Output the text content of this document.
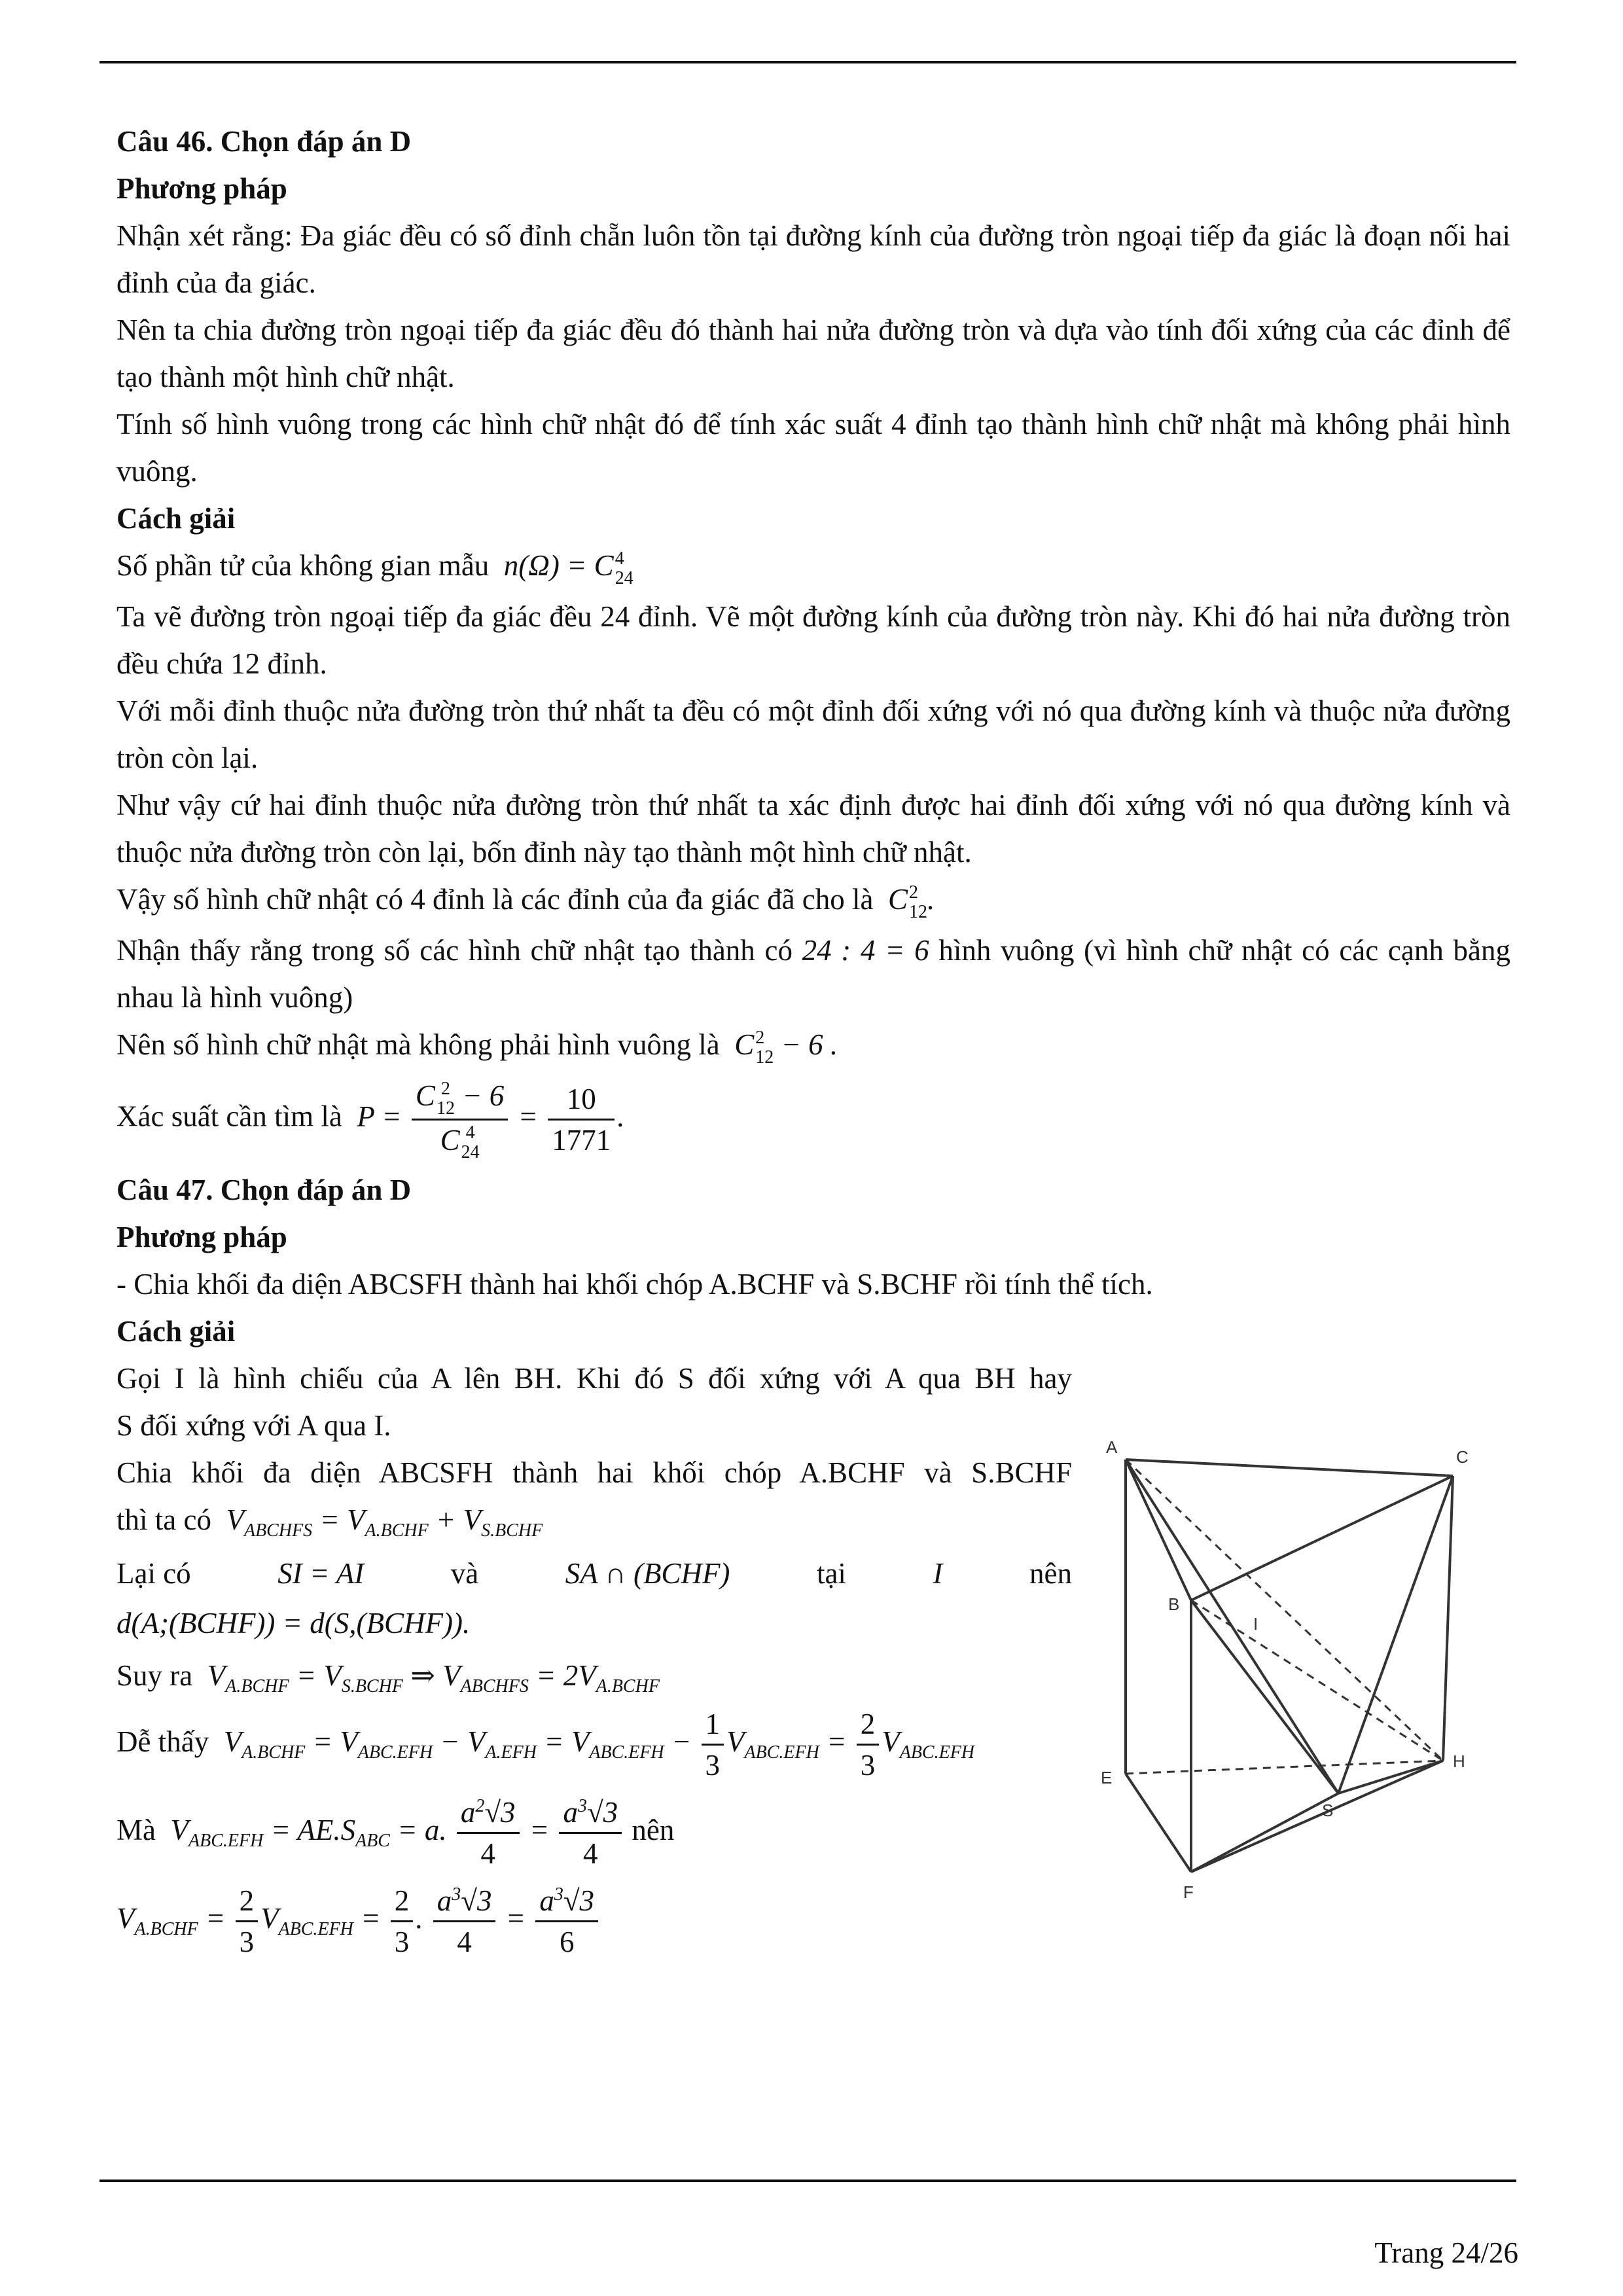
Câu 46. Chọn đáp án D

Phương pháp

Nhận xét rằng: Đa giác đều có số đỉnh chẵn luôn tồn tại đường kính của đường tròn ngoại tiếp đa giác là đoạn nối hai đỉnh của đa giác.

Nên ta chia đường tròn ngoại tiếp đa giác đều đó thành hai nửa đường tròn và dựa vào tính đối xứng của các đỉnh để tạo thành một hình chữ nhật.

Tính số hình vuông trong các hình chữ nhật đó để tính xác suất 4 đỉnh tạo thành hình chữ nhật mà không phải hình vuông.

Cách giải

Số phần tử của không gian mẫu  n(Ω) = C 4
24

Ta vẽ đường tròn ngoại tiếp đa giác đều 24 đỉnh. Vẽ một đường kính của đường tròn này. Khi đó hai nửa đường tròn đều chứa 12 đỉnh.

Với mỗi đỉnh thuộc nửa đường tròn thứ nhất ta đều có một đỉnh đối xứng với nó qua đường kính và thuộc nửa đường tròn còn lại.

Như vậy cứ hai đỉnh thuộc nửa đường tròn thứ nhất ta xác định được hai đỉnh đối xứng với nó qua đường kính và thuộc nửa đường tròn còn lại, bốn đỉnh này tạo thành một hình chữ nhật.

Vậy số hình chữ nhật có 4 đỉnh là các đỉnh của đa giác đã cho là  C 2
12 .

Nhận thấy rằng trong số các hình chữ nhật tạo thành có 24 : 4 = 6 hình vuông (vì hình chữ nhật có các cạnh bằng nhau là hình vuông)

Nên số hình chữ nhật mà không phải hình vuông là  C 2
12 − 6 .

Xác suất cần tìm là  P = C 2
12 − 6
C 4
$24 = \frac{10}{1771}$ .

Câu 47. Chọn đáp án D

Phương pháp

- Chia khối đa diện ABCSFH thành hai khối chóp A.BCHF và S.BCHF rồi tính thể tích.

Cách giải

Gọi I là hình chiếu của A lên BH. Khi đó S đối xứng với A qua BH hay

S đối xứng với A qua I.

Chia khối đa diện ABCSFH thành hai khối chóp A.BCHF và S.BCHF

thì ta có  $V_{ABCHFS} = V_{A.BCHF} + V_{S.BCHF}$

Lại có	SI = AI	và	SA ∩ (BCHF)	tại	I	nên

d(A;(BCHF)) = d(S,(BCHF)).

Suy ra  $V_{A.BCHF} = V_{S.BCHF}$ ⇒ $V_{ABCHFS} = 2V_{A.BCHF}$

Dễ thấy  $V_{A.BCHF} = V_{ABC.EFH} - V_{A.EFH} = V_{ABC.EFH} - \frac{1}{3} V_{ABC.EFH} = \frac{2}{3} V_{ABC.EFH}$

Mà  $V_{ABC.EFH} = AE.S_{ABC} = a$. $\frac{a^2√3}{4} = \frac{a^3√3}{4}$ nên

$V_{A.BCHF} = \frac{2}{3} V_{ABC.EFH} = \frac{2}{3}$ . $\frac{a^3√3}{4} = \frac{a^3√3}{6}$

A	C
B
I
E
H
S
F
Trang 24/26
